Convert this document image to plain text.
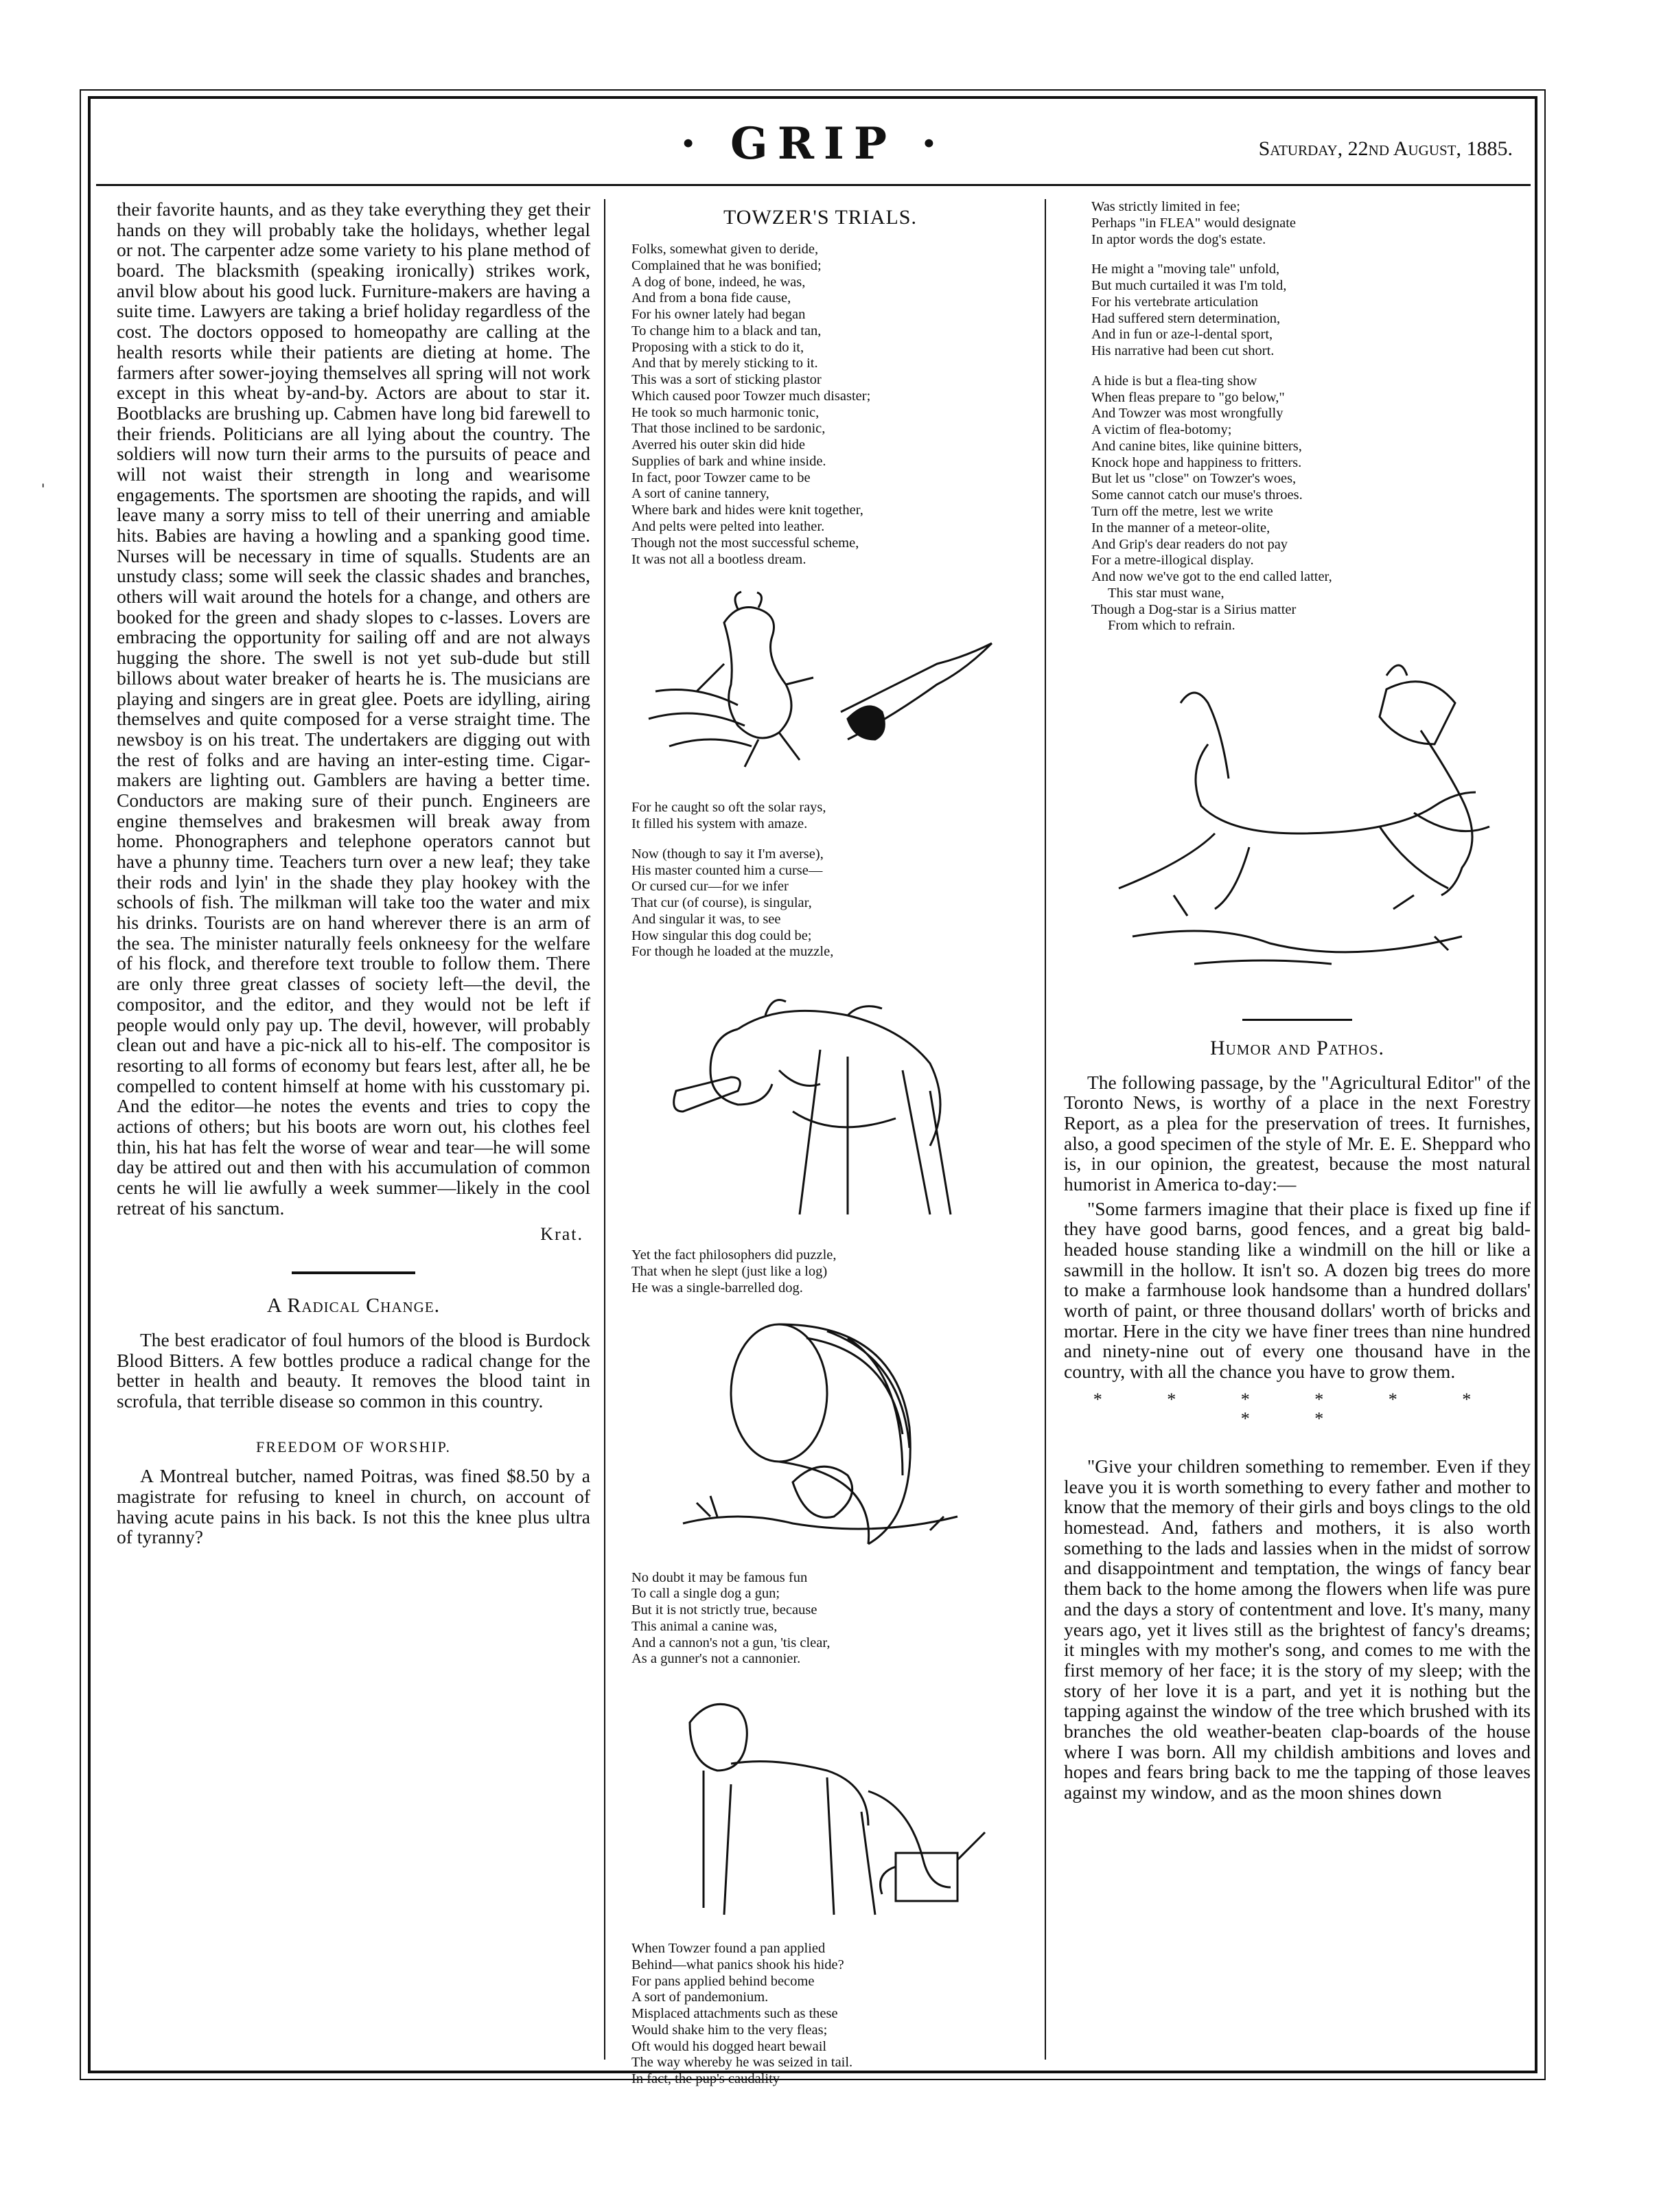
· GRIP ·	Saturday, 22nd August, 1885.

their favorite haunts, and as they take everything they get their hands on they will probably take the holidays, whether legal or not. The carpenter adze some variety to his plane method of board. The blacksmith (speaking ironically) strikes work, anvil blow about his good luck. Furniture-makers are having a suite time. Lawyers are taking a brief holiday regardless of the cost. The doctors opposed to homeopathy are calling at the health resorts while their patients are dieting at home. The farmers after sower-joying themselves all spring will not work except in this wheat by-and-by. Actors are about to star it. Bootblacks are brushing up. Cabmen have long bid farewell to their friends. Politicians are all lying about the country. The soldiers will now turn their arms to the pursuits of peace and will not waist their strength in long and wearisome engagements. The sportsmen are shooting the rapids, and will leave many a sorry miss to tell of their unerring and amiable hits. Babies are having a howling and a spanking good time. Nurses will be necessary in time of squalls. Students are an unstudy class; some will seek the classic shades and branches, others will wait around the hotels for a change, and others are booked for the green and shady slopes to c-lasses. Lovers are embracing the opportunity for sailing off and are not always hugging the shore. The swell is not yet sub-dude but still billows about water breaker of hearts he is. The musicians are playing and singers are in great glee. Poets are idylling, airing themselves and quite composed for a verse straight time. The newsboy is on his treat. The undertakers are digging out with the rest of folks and are having an inter-esting time. Cigar-makers are lighting out. Gamblers are having a better time. Conductors are making sure of their punch. Engineers are engine themselves and brakesmen will break away from home. Phonographers and telephone operators cannot but have a phunny time. Teachers turn over a new leaf; they take their rods and lyin' in the shade they play hookey with the schools of fish. The milkman will take too the water and mix his drinks. Tourists are on hand wherever there is an arm of the sea. The minister naturally feels onkneesy for the welfare of his flock, and therefore text trouble to follow them. There are only three great classes of society left—the devil, the compositor, and the editor, and they would not be left if people would only pay up. The devil, however, will probably clean out and have a pic-nick all to his-elf. The compositor is resorting to all forms of economy but fears lest, after all, he be compelled to content himself at home with his cusstomary pi. And the editor—he notes the events and tries to copy the actions of others; but his boots are worn out, his clothes feel thin, his hat has felt the worse of wear and tear—he will some day be attired out and then with his accumulation of common cents he will lie awfully a week summer—likely in the cool retreat of his sanctum.

Krat.
A Radical Change.

The best eradicator of foul humors of the blood is Burdock Blood Bitters. A few bottles produce a radical change for the better in health and beauty. It removes the blood taint in scrofula, that terrible disease so common in this country.

FREEDOM OF WORSHIP.

A Montreal butcher, named Poitras, was fined $8.50 by a magistrate for refusing to kneel in church, on account of having acute pains in his back. Is not this the knee plus ultra of tyranny?

TOWZER'S TRIALS.
Folks, somewhat given to deride,
Complained that he was bonified;
A dog of bone, indeed, he was,
And from a bona fide cause,
For his owner lately had began
To change him to a black and tan,
Proposing with a stick to do it,
And that by merely sticking to it.
This was a sort of sticking plastor
Which caused poor Towzer much disaster;
He took so much harmonic tonic,
That those inclined to be sardonic,
Averred his outer skin did hide
Supplies of bark and whine inside.
In fact, poor Towzer came to be
A sort of canine tannery,
Where bark and hides were knit together,
And pelts were pelted into leather.
Though not the most successful scheme,
It was not all a bootless dream.
For he caught so oft the solar rays,
It filled his system with amaze.
Now (though to say it I'm averse),
His master counted him a curse—
Or cursed cur—for we infer
That cur (of course), is singular,
And singular it was, to see
How singular this dog could be;
For though he loaded at the muzzle,
Yet the fact philosophers did puzzle,
That when he slept (just like a log)
He was a single-barrelled dog.
No doubt it may be famous fun
To call a single dog a gun;
But it is not strictly true, because
This animal a canine was,
And a cannon's not a gun, 'tis clear,
As a gunner's not a cannonier.
When Towzer found a pan applied
Behind—what panics shook his hide?
For pans applied behind become
A sort of pandemonium.
Misplaced attachments such as these
Would shake him to the very fleas;
Oft would his dogged heart bewail
The way whereby he was seized in tail.
In fact, the pup's caudality
Was strictly limited in fee;
Perhaps "in FLEA" would designate
In aptor words the dog's estate.
He might a "moving tale" unfold,
But much curtailed it was I'm told,
For his vertebrate articulation
Had suffered stern determination,
And in fun or aze-l-dental sport,
His narrative had been cut short.
A hide is but a flea-ting show
When fleas prepare to "go below,"
And Towzer was most wrongfully
A victim of flea-botomy;
And canine bites, like quinine bitters,
Knock hope and happiness to fritters.
But let us "close" on Towzer's woes,
Some cannot catch our muse's throes.
Turn off the metre, lest we write
In the manner of a meteor-olite,
And Grip's dear readers do not pay
For a metre-illogical display.
And now we've got to the end called latter,
This star must wane,
Though a Dog-star is a Sirius matter
From which to refrain.
Humor and Pathos.

The following passage, by the "Agricultural Editor" of the Toronto News, is worthy of a place in the next Forestry Report, as a plea for the preservation of trees. It furnishes, also, a good specimen of the style of Mr. E. E. Sheppard who is, in our opinion, the greatest, because the most natural humorist in America to-day:—

"Some farmers imagine that their place is fixed up fine if they have good barns, good fences, and a great big bald-headed house standing like a windmill on the hill or like a sawmill in the hollow. It isn't so. A dozen big trees do more to make a farmhouse look handsome than a hundred dollars' worth of paint, or three thousand dollars' worth of bricks and mortar. Here in the city we have finer trees than nine hundred and ninety-nine out of every one thousand have in the country, with all the chance you have to grow them.

* * * * * * * *

"Give your children something to remember. Even if they leave you it is worth something to every father and mother to know that the memory of their girls and boys clings to the old homestead. And, fathers and mothers, it is also worth something to the lads and lassies when in the midst of sorrow and disappointment and temptation, the wings of fancy bear them back to the home among the flowers when life was pure and the days a story of contentment and love. It's many, many years ago, yet it lives still as the brightest of fancy's dreams; it mingles with my mother's song, and comes to me with the first memory of her face; it is the story of my sleep; with the story of her love it is a part, and yet it is nothing but the tapping against the window of the tree which brushed with its branches the old weather-beaten clap-boards of the house where I was born. All my childish ambitions and loves and hopes and fears bring back to me the tapping of those leaves against my window, and as the moon shines down

'
